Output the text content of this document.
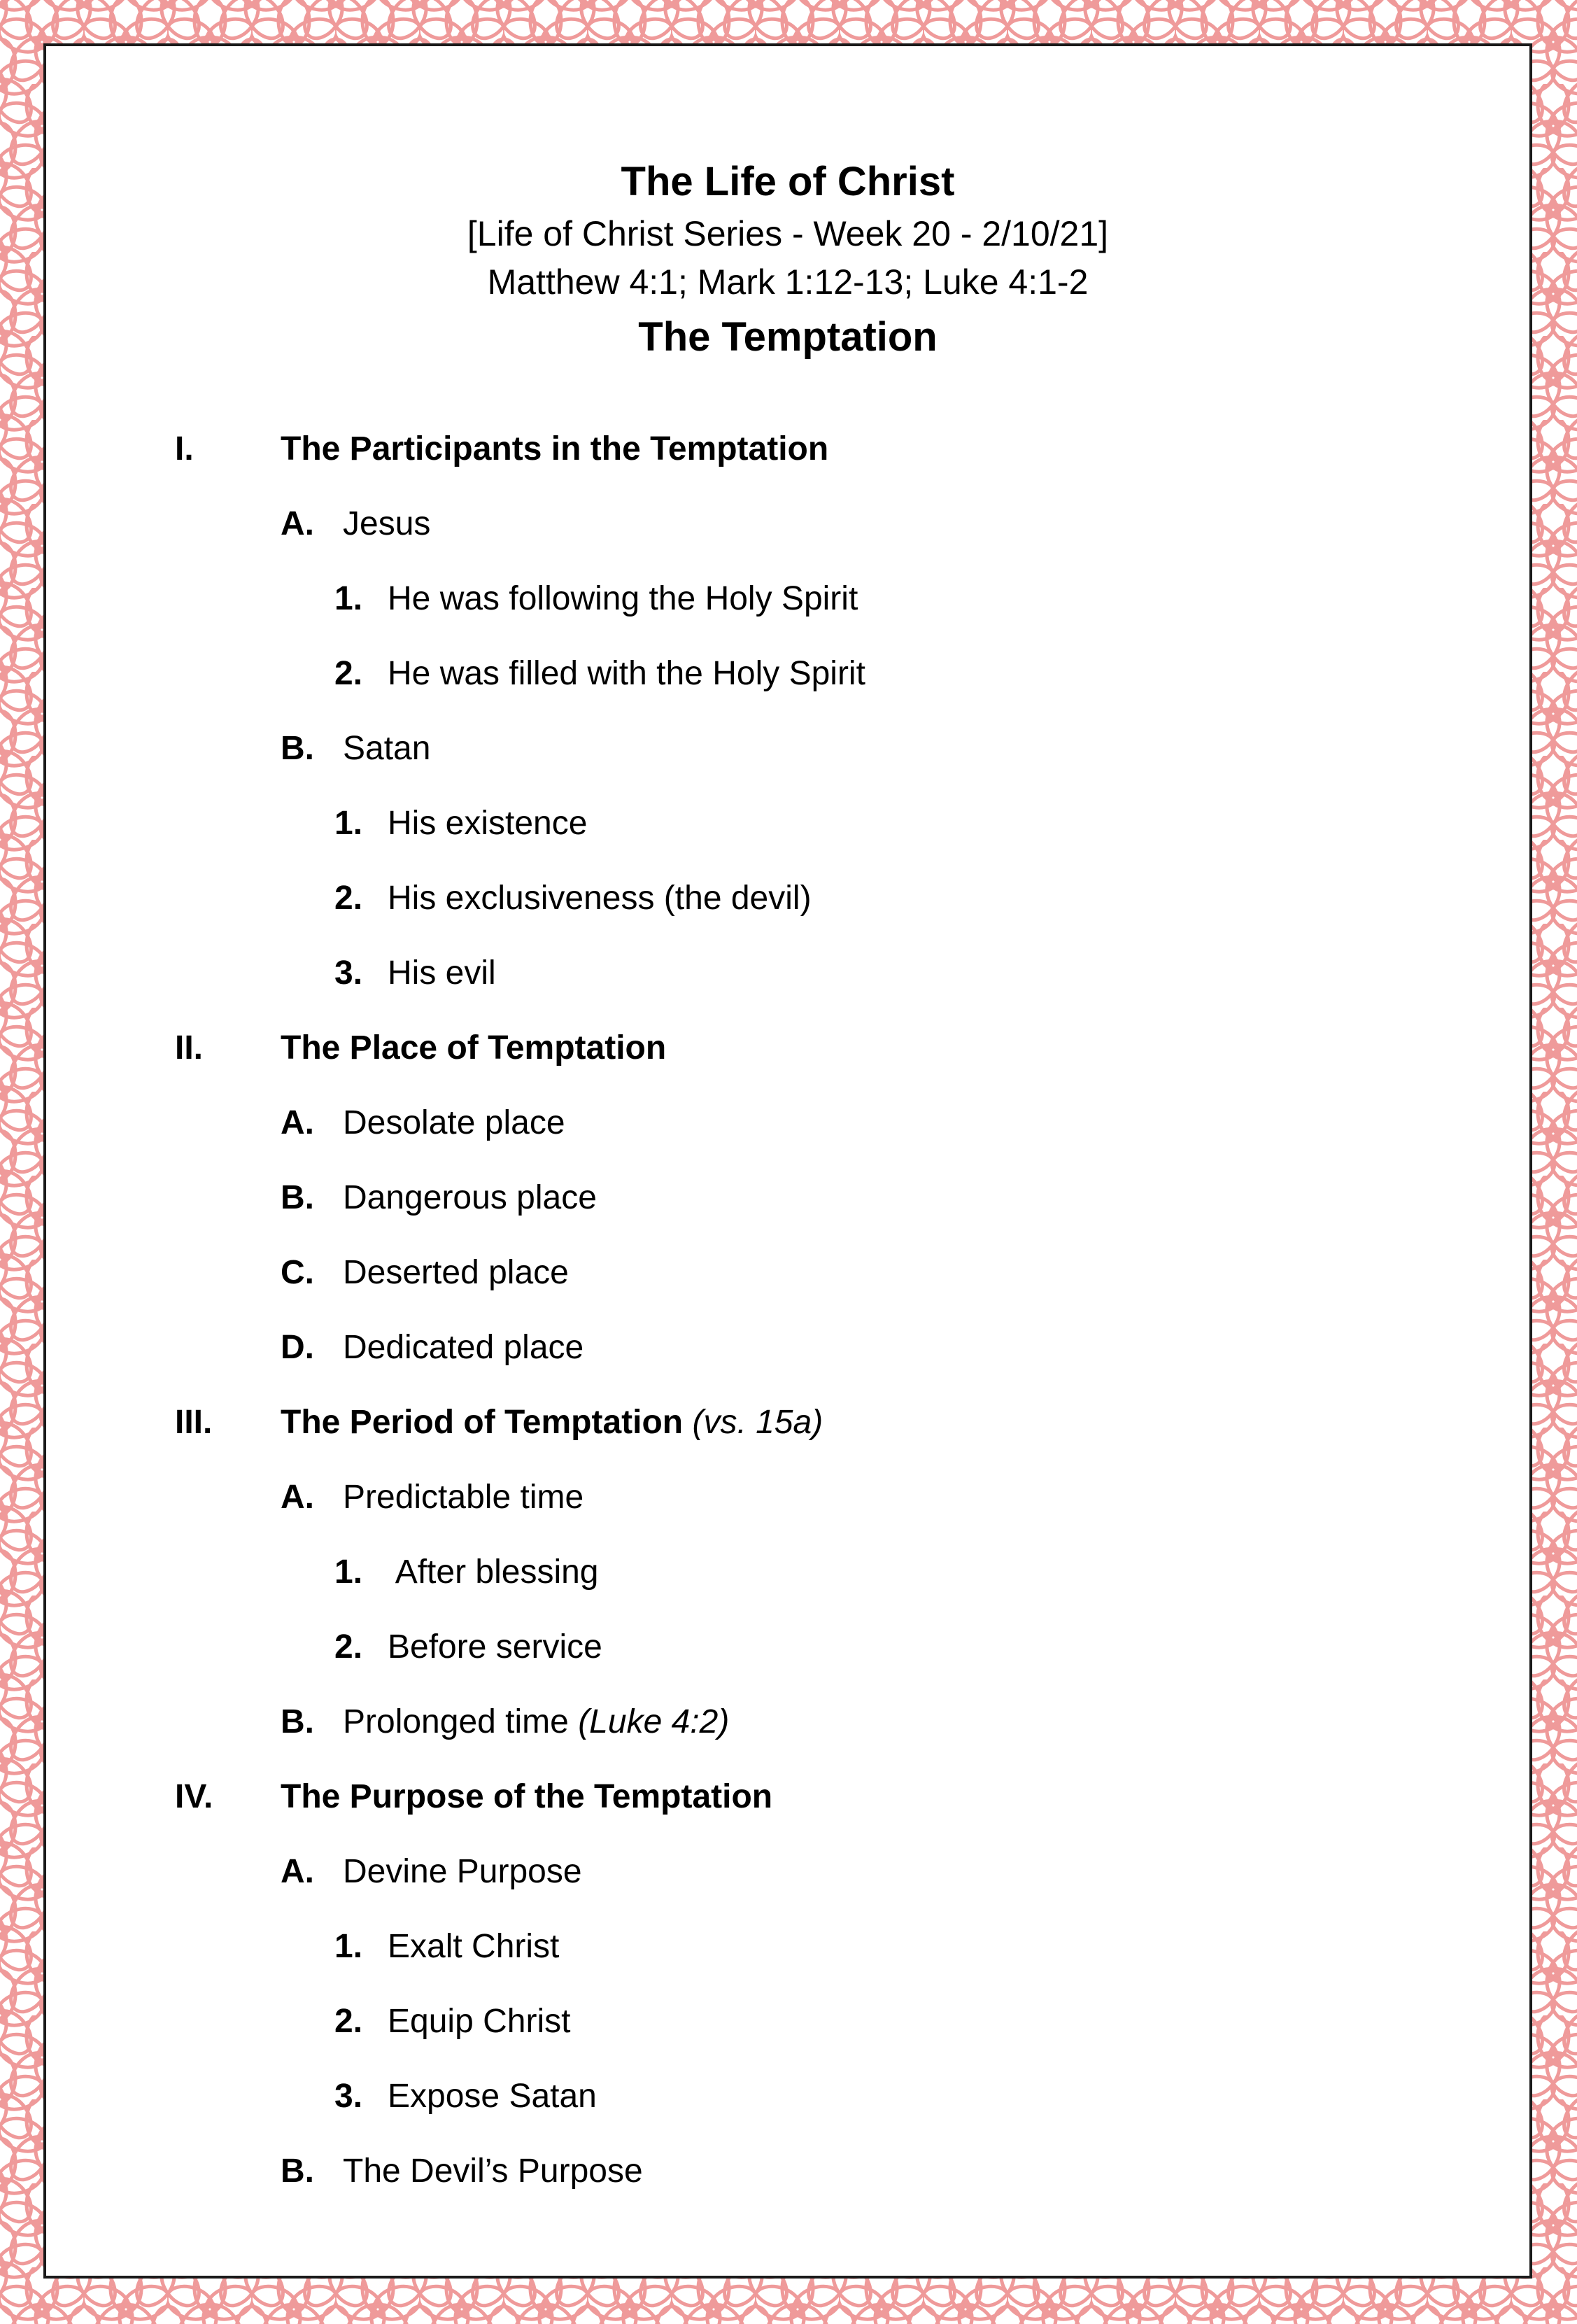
The Life of Christ
[Life of Christ Series - Week 20 - 2/10/21]
Matthew 4:1; Mark 1:12-13; Luke 4:1-2
The Temptation
I.	The Participants in the Temptation
A. Jesus
1. He was following the Holy Spirit
2. He was filled with the Holy Spirit
B. Satan
1. His existence
2. His exclusiveness (the devil)
3. His evil
II. The Place of Temptation
A. Desolate place
B. Dangerous place
C. Deserted place
D. Dedicated place
III. The Period of Temptation (vs. 15a)
A. Predictable time
1. After blessing
2. Before service
B. Prolonged time (Luke 4:2)
IV. The Purpose of the Temptation
A. Devine Purpose
1. Exalt Christ
2. Equip Christ
3. Expose Satan
B. The Devil’s Purpose
